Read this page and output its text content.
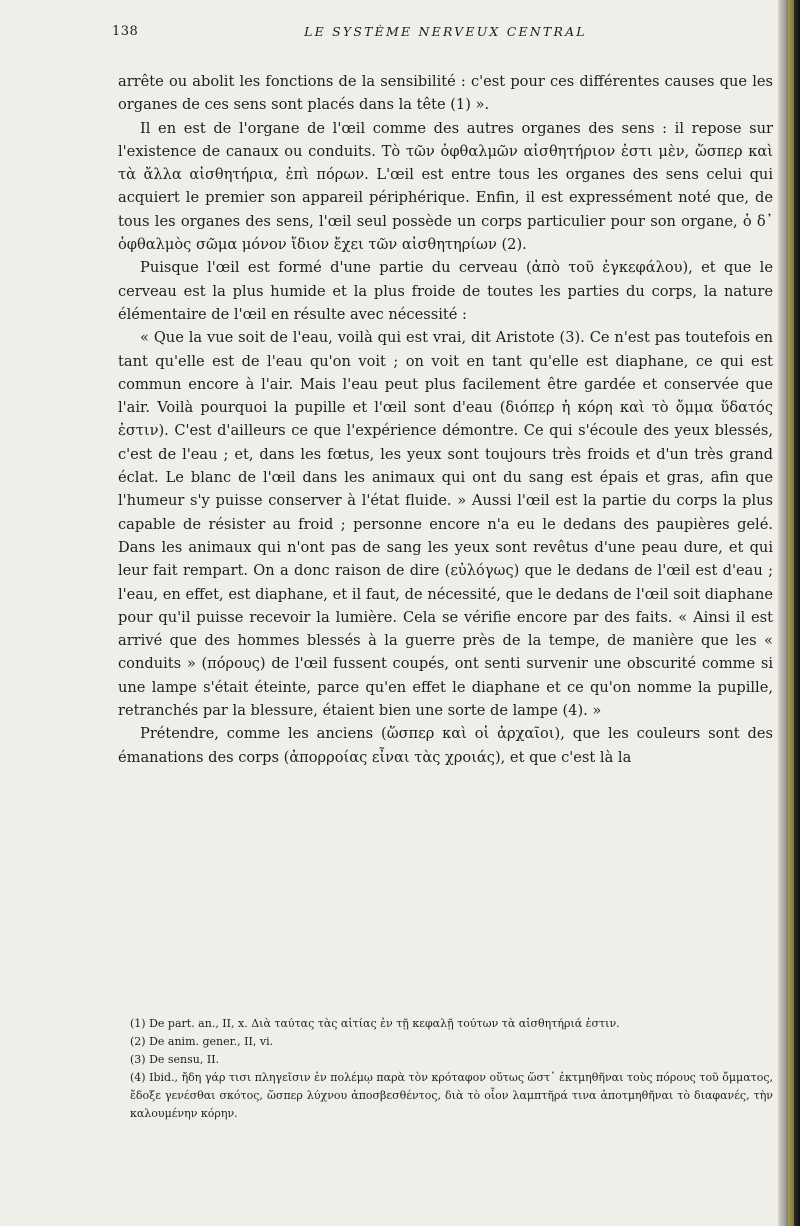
138	LE SYSTÈME NERVEUX CENTRAL

arrête ou abolit les fonctions de la sensibilité : c'est pour ces différentes causes que les organes de ces sens sont placés dans la tête (1) ».

Il en est de l'organe de l'œil comme des autres organes des sens : il repose sur l'existence de canaux ou conduits. Τὸ τῶν ὀφθαλμῶν αἰσθητήριον ἐστι μὲν, ὥσπερ καὶ τὰ ἄλλα αἰσθητήρια, ἐπὶ πόρων. L'œil est entre tous les organes des sens celui qui acquiert le premier son appareil périphérique. Enfin, il est expressément noté que, de tous les organes des sens, l'œil seul possède un corps particulier pour son organe, ὁ δ᾽ ὀφθαλμὸς σῶμα μόνον ἴδιον ἔχει τῶν αἰσθητηρίων (2).

Puisque l'œil est formé d'une partie du cerveau (ἀπὸ τοῦ ἐγκεφάλου), et que le cerveau est la plus humide et la plus froide de toutes les parties du corps, la nature élémentaire de l'œil en résulte avec nécessité :

« Que la vue soit de l'eau, voilà qui est vrai, dit Aristote (3). Ce n'est pas toutefois en tant qu'elle est de l'eau qu'on voit ; on voit en tant qu'elle est diaphane, ce qui est commun encore à l'air. Mais l'eau peut plus facilement être gardée et conservée que l'air. Voilà pourquoi la pupille et l'œil sont d'eau (διόπερ ἡ κόρη καὶ τὸ ὄμμα ὕδατός ἐστιν). C'est d'ailleurs ce que l'expérience démontre. Ce qui s'écoule des yeux blessés, c'est de l'eau ; et, dans les fœtus, les yeux sont toujours très froids et d'un très grand éclat. Le blanc de l'œil dans les animaux qui ont du sang est épais et gras, afin que l'humeur s'y puisse conserver à l'état fluide. » Aussi l'œil est la partie du corps la plus capable de résister au froid ; personne encore n'a eu le dedans des paupières gelé. Dans les animaux qui n'ont pas de sang les yeux sont revêtus d'une peau dure, et qui leur fait rempart. On a donc raison de dire (εὐλόγως) que le dedans de l'œil est d'eau ; l'eau, en effet, est diaphane, et il faut, de nécessité, que le dedans de l'œil soit diaphane pour qu'il puisse recevoir la lumière. Cela se vérifie encore par des faits. « Ainsi il est arrivé que des hommes blessés à la guerre près de la tempe, de manière que les « conduits » (πόρους) de l'œil fussent coupés, ont senti survenir une obscurité comme si une lampe s'était éteinte, parce qu'en effet le diaphane et ce qu'on nomme la pupille, retranchés par la blessure, étaient bien une sorte de lampe (4). »

Prétendre, comme les anciens (ὥσπερ καὶ οἱ ἀρχαῖοι), que les couleurs sont des émanations des corps (ἀπορροίας εἶναι τὰς χροιάς), et que c'est là la

(1) De part. an., II, x. Διὰ ταύτας τὰς αἰτίας ἐν τῇ κεφαλῇ τούτων τὰ αἰσθητήριά ἐστιν.

(2) De anim. gener., II, vi.

(3) De sensu, II.

(4) Ibid., ἤδη γάρ τισι πληγεῖσιν ἐν πολέμῳ παρὰ τὸν κρόταφον οὕτως ὥστ᾽ ἐκτμηθῆναι τοὺς πόρους τοῦ ὄμματος, ἔδοξε γενέσθαι σκότος, ὥσπερ λύχνου ἀποσβεσθέντος, διὰ τὸ οἷον λαμπτῆρά τινα ἀποτμηθῆναι τὸ διαφανές, τὴν καλουμένην κόρην.
